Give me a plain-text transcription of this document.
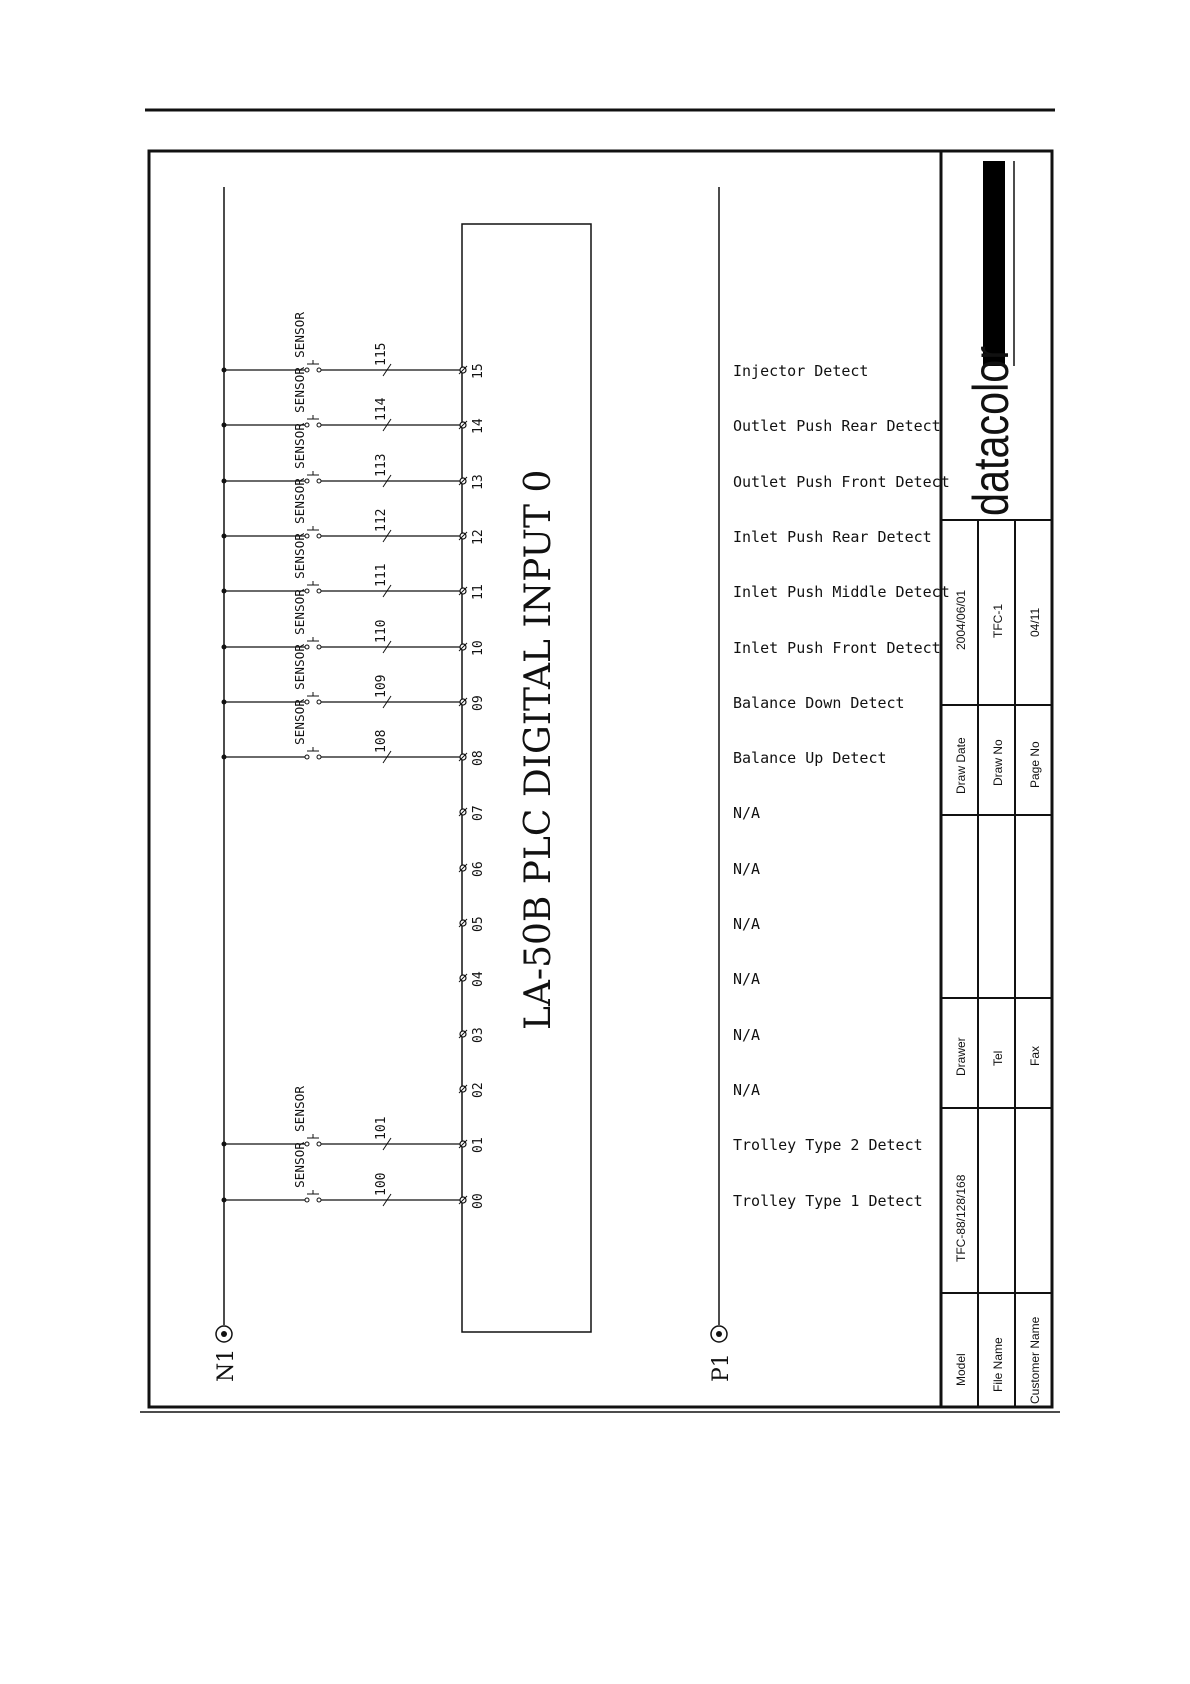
15
SENSOR	115
14
SENSOR	114
13
SENSOR	113
12
SENSOR	112
11
SENSOR	111
10
SENSOR	110
09
SENSOR	109
08
SENSOR	108
07
06
05
04
03
02
01
SENSOR	101
00
SENSOR	100
Injector Detect
Outlet Push Rear Detect
Outlet Push Front Detect
Inlet Push Rear Detect
Inlet Push Middle Detect
Inlet Push Front Detect
Balance Down Detect
Balance Up Detect
N/A
N/A
N/A
N/A
N/A
N/A
Trolley Type 2 Detect
Trolley Type 1 Detect
LA-50B PLC DIGITAL INPUT 0
N1	P1
datacolor
Model File Name Customer Name
TFC-88/128/168
Drawer Tel Fax
Draw Date Draw No Page No
2004/06/01 TFC-1 04/11
